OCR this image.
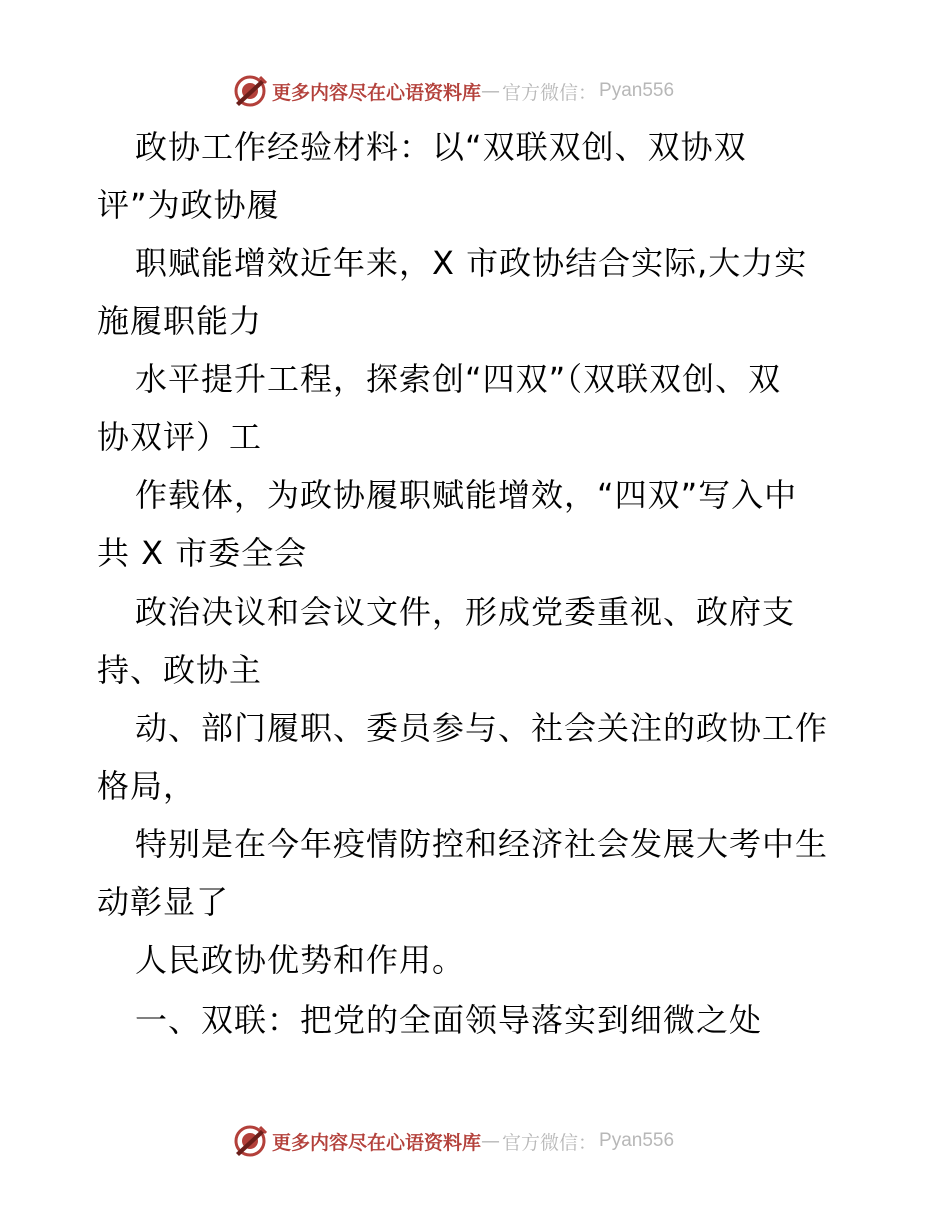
更多内容尽在心语资料库 — 官方微信： Pyan556
政协工作经验材料：以“双联双创、双协双
评”为政协履
职赋能增效近年来，X 市政协结合实际,大力实
施履职能力
水平提升工程，探索创“四双”（双联双创、双
协双评）工
作载体，为政协履职赋能增效，“四双”写入中
共 X 市委全会
政治决议和会议文件，形成党委重视、政府支
持、政协主
动、部门履职、委员参与、社会关注的政协工作
格局，
特别是在今年疫情防控和经济社会发展大考中生
动彰显了
人民政协优势和作用。
一、双联：把党的全面领导落实到细微之处
更多内容尽在心语资料库 — 官方微信： Pyan556
